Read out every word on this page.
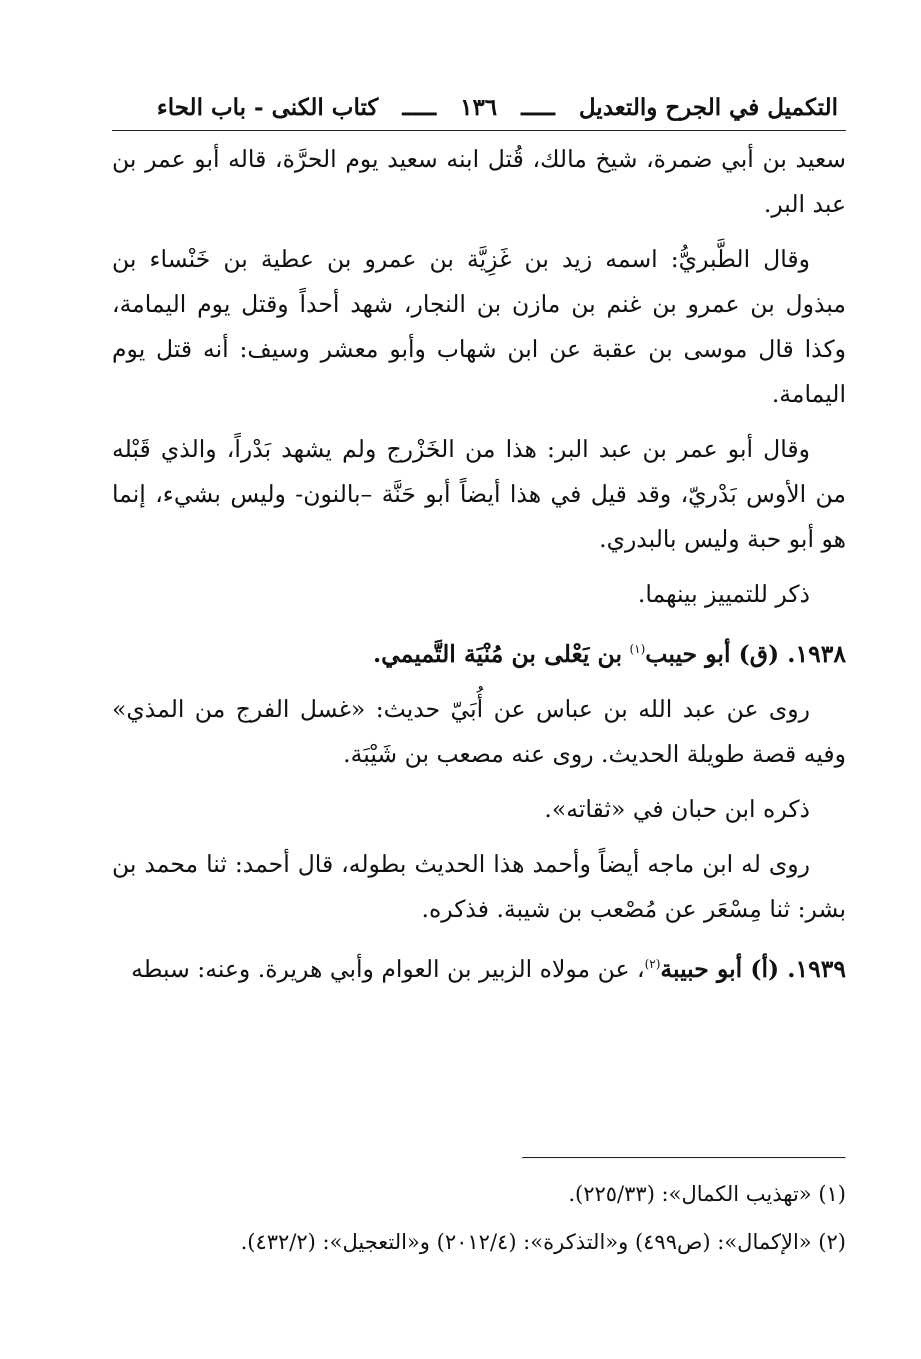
التكميل في الجرح والتعديل ـــــ ١٣٦ ـــــ كتاب الكنى - باب الحاء

سعيد بن أبي ضمرة، شيخ مالك، قُتل ابنه سعيد يوم الحرَّة، قاله أبو عمر بن عبد البر.

وقال الطَّبريُّ: اسمه زيد بن غَزِيَّة بن عمرو بن عطية بن خَنْساء بن مبذول بن عمرو بن غنم بن مازن بن النجار، شهد أحداً وقتل يوم اليمامة، وكذا قال موسى بن عقبة عن ابن شهاب وأبو معشر وسيف: أنه قتل يوم اليمامة.

وقال أبو عمر بن عبد البر: هذا من الخَزْرج ولم يشهد بَدْراً، والذي قَبْله من الأوس بَدْريّ، وقد قيل في هذا أيضاً أبو حَنَّة –بالنون- وليس بشيء، إنما هو أبو حبة وليس بالبدري.

ذكر للتمييز بينهما.

١٩٣٨. (ق) أبو حيبب$^{(١)}$ بن يَعْلى بن مُنْيَة التَّميمي.

روى عن عبد الله بن عباس عن أُبَيّ حديث: «غسل الفرج من المذي» وفيه قصة طويلة الحديث. روى عنه مصعب بن شَيْبَة.

ذكره ابن حبان في «ثقاته».

روى له ابن ماجه أيضاً وأحمد هذا الحديث بطوله، قال أحمد: ثنا محمد بن بشر: ثنا مِسْعَر عن مُصْعب بن شيبة. فذكره.

١٩٣٩. (أ) أبو حبيبة$^{(٢)}$، عن مولاه الزبير بن العوام وأبي هريرة. وعنه: سبطه

(١) «تهذيب الكمال»: (٢٢٥/٣٣).
(٢) «الإكمال»: (ص٤٩٩) و«التذكرة»: (٢٠١٢/٤) و«التعجيل»: (٤٣٢/٢).
